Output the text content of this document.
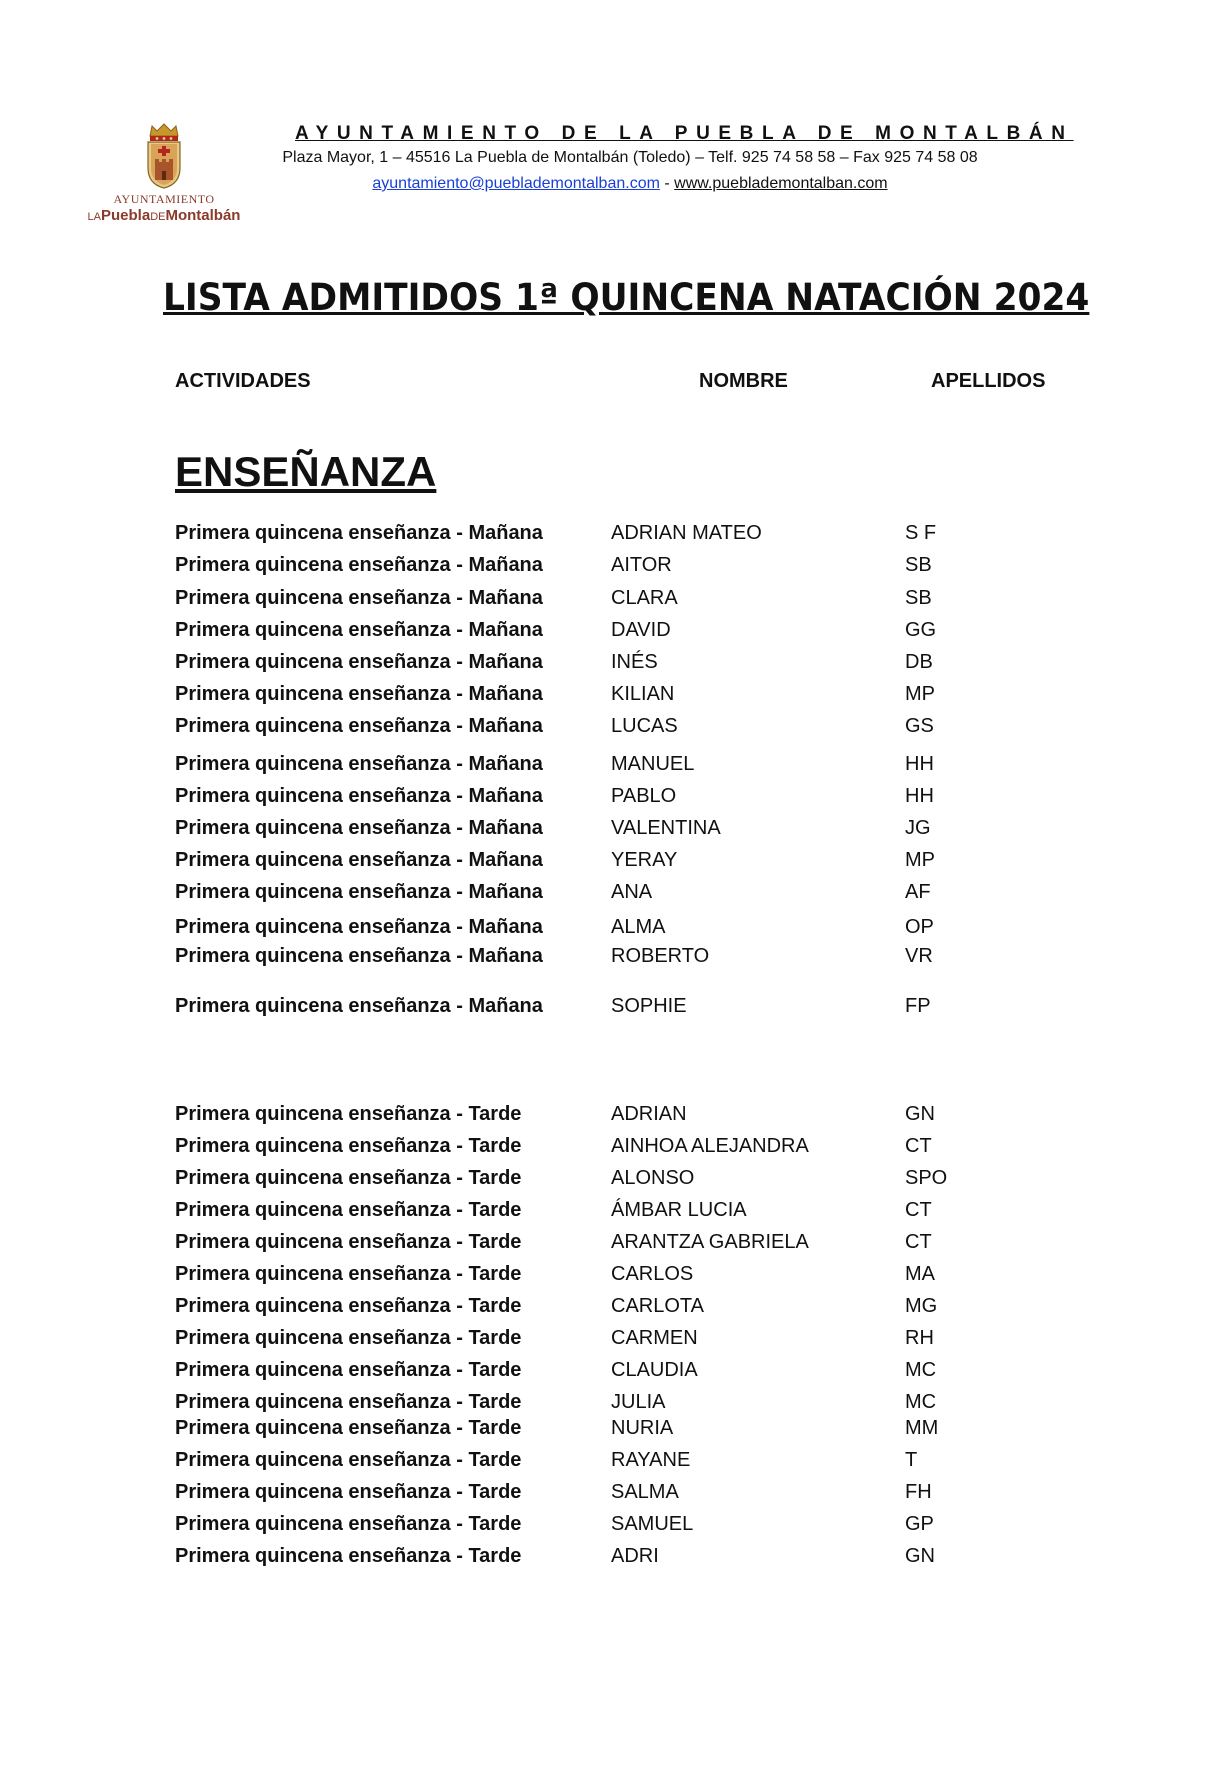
AYUNTAMIENTO
LAPueblaDEMontalbán
AYUNTAMIENTO DE LA PUEBLA DE MONTALBÁN
Plaza Mayor, 1 – 45516 La Puebla de Montalbán (Toledo) – Telf. 925 74 58 58 – Fax 925 74 58 08
ayuntamiento@pueblademontalban.com - www.pueblademontalban.com
LISTA ADMITIDOS 1ª QUINCENA NATACIÓN 2024
ACTIVIDADES	NOMBRE	APELLIDOS
ENSEÑANZA
Primera quincena enseñanza - Mañana	ADRIAN MATEO	S F
Primera quincena enseñanza - Mañana	AITOR	SB
Primera quincena enseñanza - Mañana	CLARA	SB
Primera quincena enseñanza - Mañana	DAVID	GG
Primera quincena enseñanza - Mañana	INÉS	DB
Primera quincena enseñanza - Mañana	KILIAN	MP
Primera quincena enseñanza - Mañana	LUCAS	GS
Primera quincena enseñanza - Mañana	MANUEL	HH
Primera quincena enseñanza - Mañana	PABLO	HH
Primera quincena enseñanza - Mañana	VALENTINA	JG
Primera quincena enseñanza - Mañana	YERAY	MP
Primera quincena enseñanza - Mañana	ANA	AF
Primera quincena enseñanza - Mañana	ALMA	OP
Primera quincena enseñanza - Mañana	ROBERTO	VR
Primera quincena enseñanza - Mañana	SOPHIE	FP
Primera quincena enseñanza - Tarde	ADRIAN	GN
Primera quincena enseñanza - Tarde	AINHOA ALEJANDRA	CT
Primera quincena enseñanza - Tarde	ALONSO	SPO
Primera quincena enseñanza - Tarde	ÁMBAR LUCIA	CT
Primera quincena enseñanza - Tarde	ARANTZA GABRIELA	CT
Primera quincena enseñanza - Tarde	CARLOS	MA
Primera quincena enseñanza - Tarde	CARLOTA	MG
Primera quincena enseñanza - Tarde	CARMEN	RH
Primera quincena enseñanza - Tarde	CLAUDIA	MC
Primera quincena enseñanza - Tarde	JULIA	MC
Primera quincena enseñanza - Tarde	NURIA	MM
Primera quincena enseñanza - Tarde	RAYANE	T
Primera quincena enseñanza - Tarde	SALMA	FH
Primera quincena enseñanza - Tarde	SAMUEL	GP
Primera quincena enseñanza - Tarde	ADRI	GN
